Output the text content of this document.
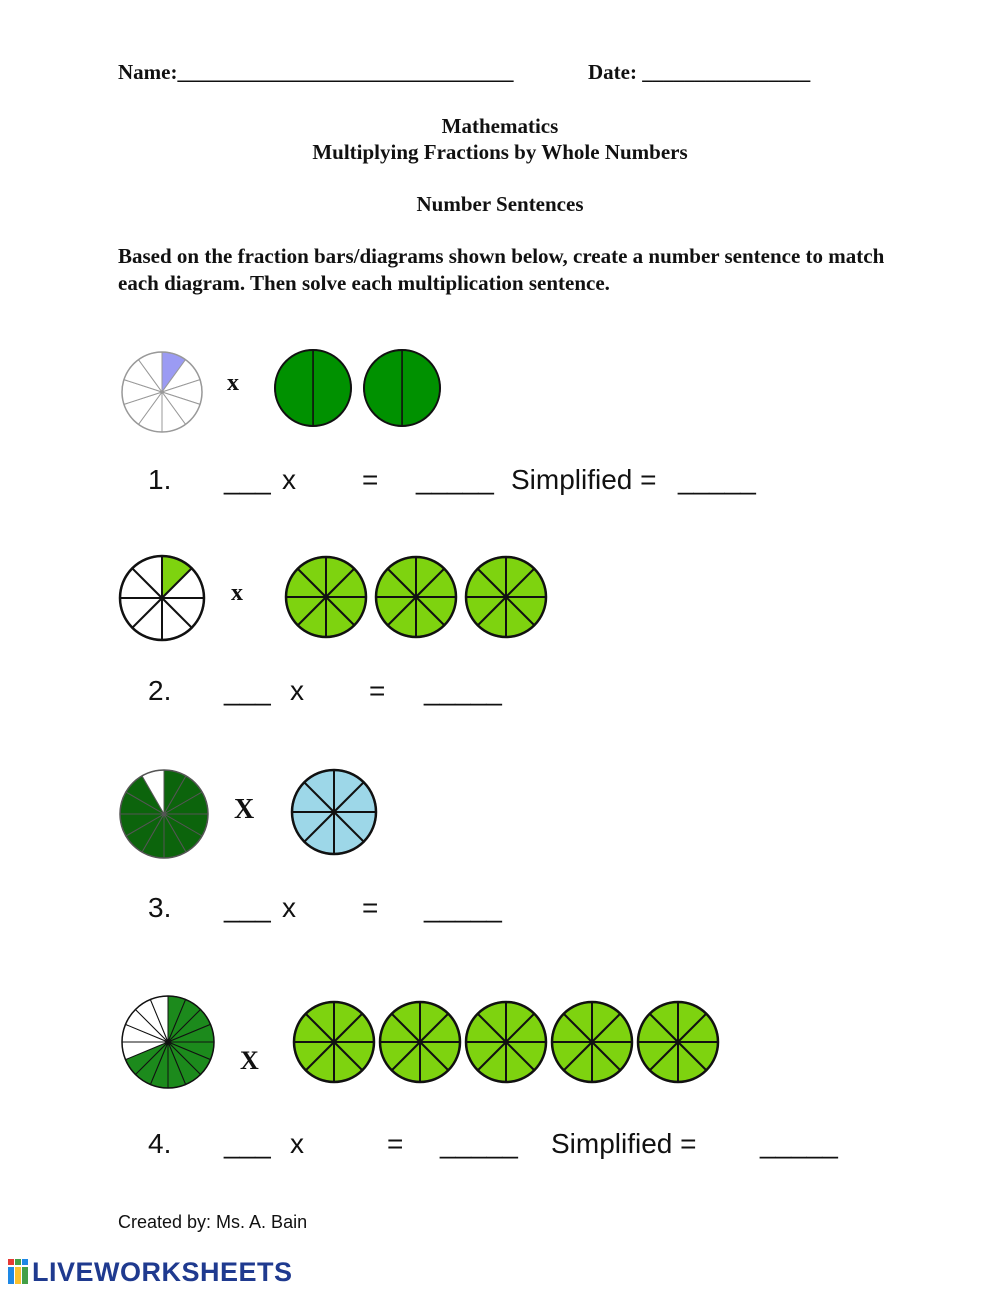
Name:________________________________	Date: ________________
Mathematics
Multiplying Fractions by Whole Numbers
Number Sentences
Based on the fraction bars/diagrams shown below, create a number sentence to match each diagram. Then solve each multiplication sentence.
x
1. ___ x = _____ Simplified = _____
x
2. ___ x = _____
X
3. ___ x = _____
X
4. ___ x	= _____ Simplified = _____
Created by: Ms. A. Bain
LIVEWORKSHEETS
